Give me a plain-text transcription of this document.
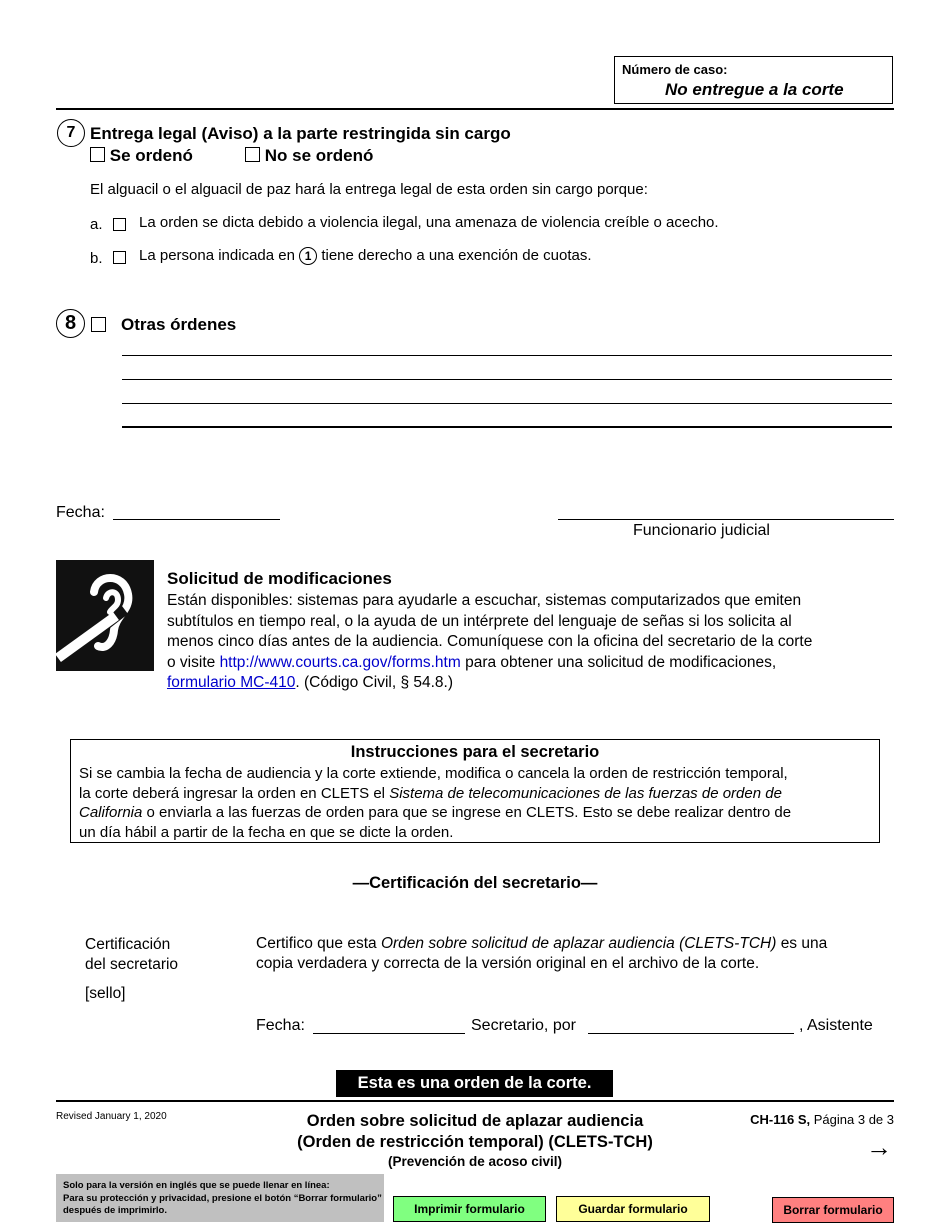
Número de caso:
No entregue a la corte
7 Entrega legal (Aviso) a la parte restringida sin cargo
Se ordenó	No se ordenó
El alguacil o el alguacil de paz hará la entrega legal de esta orden sin cargo porque:
a. La orden se dicta debido a violencia ilegal, una amenaza de violencia creíble o acecho.
b. La persona indicada en 1 tiene derecho a una exención de cuotas.
8	Otras órdenes
Fecha:
Funcionario judicial
Solicitud de modificaciones
Están disponibles: sistemas para ayudarle a escuchar, sistemas computarizados que emiten
subtítulos en tiempo real, o la ayuda de un intérprete del lenguaje de señas si los solicita al
menos cinco días antes de la audiencia. Comuníquese con la oficina del secretario de la corte
o visite http://www.courts.ca.gov/forms.htm para obtener una solicitud de modificaciones,
formulario MC-410. (Código Civil, § 54.8.)
Instrucciones para el secretario
Si se cambia la fecha de audiencia y la corte extiende, modifica o cancela la orden de restricción temporal,
la corte deberá ingresar la orden en CLETS el Sistema de telecomunicaciones de las fuerzas de orden de
California o enviarla a las fuerzas de orden para que se ingrese en CLETS. Esto se debe realizar dentro de
un día hábil a partir de la fecha en que se dicte la orden.
—Certificación del secretario—
Certificación
del secretario
[sello]
Certifico que esta Orden sobre solicitud de aplazar audiencia (CLETS-TCH) es una
copia verdadera y correcta de la versión original en el archivo de la corte.
Fecha:	Secretario, por	, Asistente
Esta es una orden de la corte.
Revised January 1, 2020	Orden sobre solicitud de aplazar audiencia
(Orden de restricción temporal) (CLETS-TCH)
(Prevención de acoso civil)
CH-116 S, Página 3 de 3
→
Solo para la versión en inglés que se puede llenar en línea:
Para su protección y privacidad, presione el botón “Borrar formulario”
después de imprimirlo.	Imprimir formulario	Guardar formulario	Borrar formulario
